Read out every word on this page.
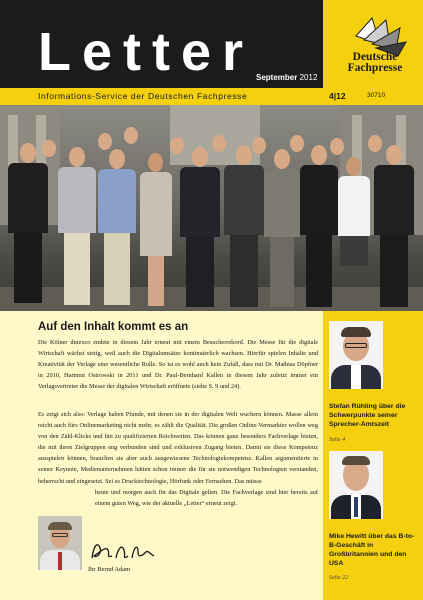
Letter September 2012
Deutsche
Fachpresse
Informations-Service der Deutschen Fachpresse	4|12	30710
Auf den Inhalt kommt es an
Die Kölner dmexco endete in diesem Jahr erneut mit einem Besucherrekord. Die Messe für die digitale Wirtschaft wächst stetig, weil auch die Digitalumsätze kontinuierlich wachsen. Hierfür spielen Inhalte und Kreativität der Verlage eine wesentliche Rolle. So ist es wohl auch kein Zufall, dass mit Dr. Mathias Döpfner in 2010, Hartmut Ostrowski in 2011 und Dr. Paul-Bernhard Kallen in diesem Jahr zuletzt immer ein Verlagsvertreter die Messe der digitalen Wirtschaft eröffnete (siehe S. 9 und 24).
Es zeigt sich also: Verlage haben Pfunde, mit denen sie in der digitalen Welt wuchern können. Masse allein reicht auch fürs Onlinemarketing nicht mehr, es zählt die Qualität. Die großen Online-Vermarkter wollen weg von den Zähl-Klicks und hin zu qualifizierten Reichweiten. Das können ganz besonders Fachverlage bieten, die mit ihren Zielgruppen eng verbunden sind und exklusiven Zugang bieten. Damit sie diese Kompetenz ausspielen können, brauchen sie aber auch ausgewiesene Technologiekompetenz. Kallen argumentierte in seiner Keynote, Medienunternehmen hätten schon immer die für sie notwendigen Technologien verstanden, beherrscht und eingesetzt. Sei es Drucktechnologie, Hörfunk oder Fernsehen. Das müsse
heute und morgen auch für das Digitale gelten. Die Fachverlage sind hier bereits auf einem guten Weg, wie der aktuelle „Letter“ erneut zeigt.
Ihr Bernd Adam
Stefan Rühling über die Schwerpunkte seiner Sprecher-Amtszeit
Seite 4
Mike Hewitt über das B-to-B-Geschäft in Großbritannien und den USA
Seite 22
